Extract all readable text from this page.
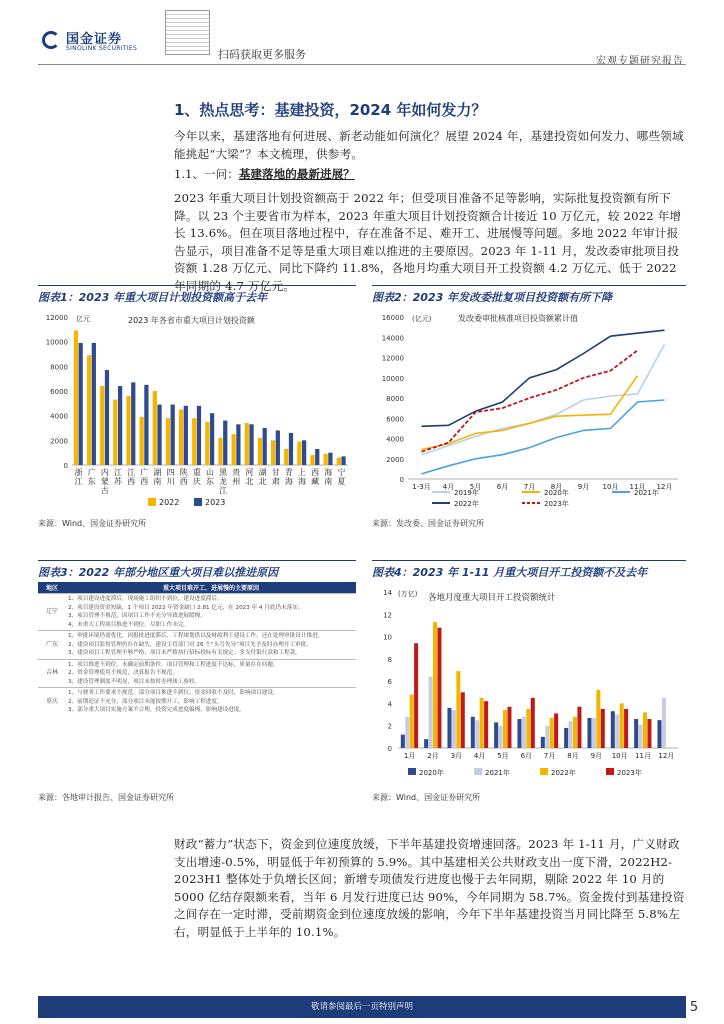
国金证券
SINOLINK SECURITIES	扫码获取更多服务
宏观专题研究报告
1、热点思考：基建投资，2024 年如何发力？
今年以来，基建落地有何进展、新老动能如何演化？展望 2024 年，基建投资如何发力、哪些领域能挑起“大梁”？本文梳理，供参考。
1.1、一问：基建落地的最新进展？
2023 年重大项目计划投资额高于 2022 年；但受项目准备不足等影响，实际批复投资额有所下降。以 23 个主要省市为样本，2023 年重大项目计划投资额合计接近 10 万亿元，较 2022 年增长 13.6%。但在项目落地过程中，存在准备不足、难开工、进展慢等问题。多地 2022 年审计报告显示，项目准备不足等是重大项目难以推进的主要原因。2023 年 1-11 月，发改委审批项目投资额 1.28 万亿元、同比下降约 11.8%，各地月均重大项目开工投资额 4.2 万亿元、低于 2022 年同期的 4.7 万亿元。
图表1：2023 年重大项目计划投资额高于去年
亿元	2023 年各省市重大项目计划投资额
0
2000
4000
6000
8000
10000
12000
浙
江
广
东
内
蒙
古
江
苏
江
西
广
西
湖
南
四
川
陕
西
重
庆
山
东
黑
龙
江
贵
州
河
北
湖
北
甘
肃
青
海
上
海
西
藏
海
南
宁
夏
2022	2023
来源：Wind、国金证券研究所
图表2：2023 年发改委批复项目投资额有所下降
(亿元)	发改委审批核准项目投资额累计值
0
2000
4000
6000
8000
10000
12000
14000
16000
1-3月 4月 5月 6月 7月 8月 9月 10月 11月 12月
2019年	2020年	2021年
2022年	2023年
来源：发改委、国金证券研究所
图表3：2022 年部分地区重大项目难以推进原因
地区	重大项目难开工、进展慢的主要原因
辽宁	1、项目建设进度滞后，现场施工组织不到位，建设进度滞后。
2、项目建设资金短缺，1 个项目 2022 年资金缺口 2.81 亿元，在 2023 年 4 月底仍未落实。
3、项目管理不规范，因项目工作不充分导致进展缓慢。
4、未重大工程项目推进不到位，尽职工作未完。
广东	1、审批环境仍需优化，因报批进度滞后，工程规划供以及财政利于建设工作，还在处理审批设计推进。
2、建设项目监督管理仍存在缺失，建设主管部门对 26 个“头号先导”项目先予及时办理开工审批。
3、建设项目工程管理不够严格，项目未严格执行招标投标有关规定；多支付银行款和工程款。
吉林	1、项目推进不到位，未确定前期条件，项目管理和工程进度不达标，质量存在问题。
2、资金管理使用不规范，决算报告不规范。
3、建设管理制度不明显，项目未按时办理竣工验收。
重庆	1、与财务工作要求不规范，部分项目推进不到位，资金回收不及时，影响项目建设。
2、前期论证不充分，部分项目未能按期开工，影响工程进度。
3、部分重大项目实施方案不合理，投资完成进度偏慢，影响建设进度。
来源：各地审计报告、国金证券研究所
图表4：2023 年 1-11 月重大项目开工投资额不及去年
(万亿) 各地月度重大项目开工投资额统计
0
2
4
6
8
10
12
14
1月 2月 3月 4月 5月 6月 7月 8月 9月 10月 11月 12月
2020年	2021年	2022年	2023年
来源：Wind、国金证券研究所
财政“蓄力”状态下，资金到位速度放缓，下半年基建投资增速回落。2023 年 1-11 月，广义财政支出增速-0.5%，明显低于年初预算的 5.9%。其中基建相关公共财政支出一度下滑，2022H2-2023H1 整体处于负增长区间；新增专项债发行进度也慢于去年同期，剔除 2022 年 10 月的 5000 亿结存限额来看，当年 6 月发行进度已达 90%，今年同期为 58.7%。资金拨付到基建投资之间存在一定时滞，受前期资金到位速度放缓的影响，今年下半年基建投资当月同比降至 5.8%左右，明显低于上半年的 10.1%。
敬请参阅最后一页特别声明	5
